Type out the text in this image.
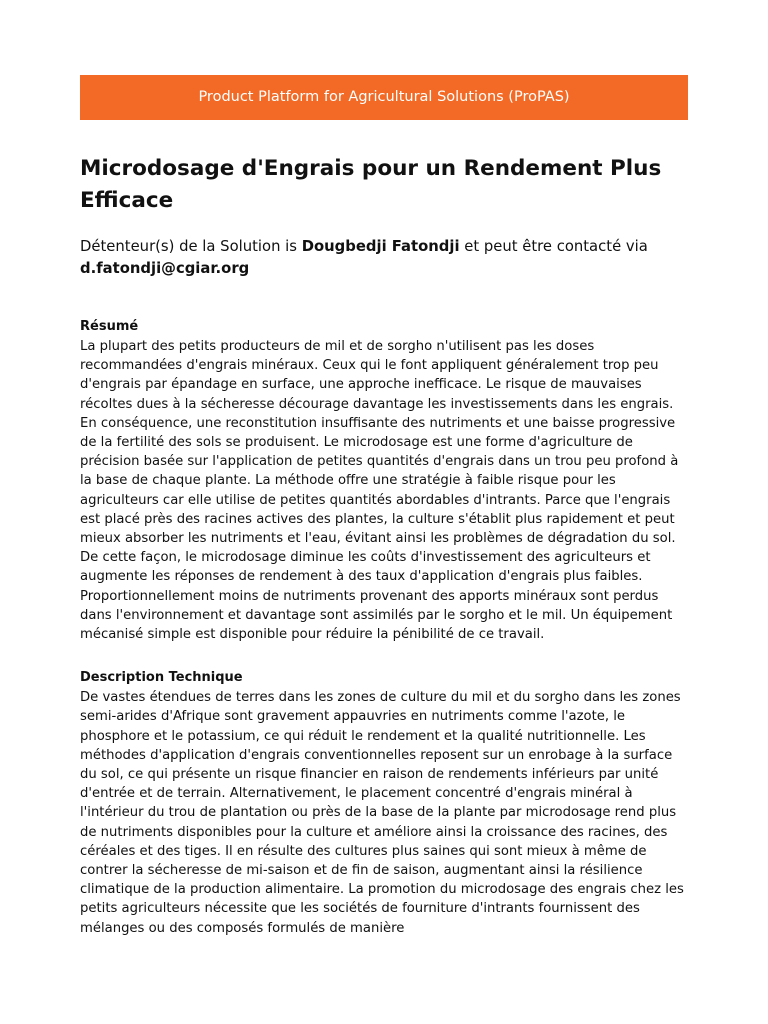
Product Platform for Agricultural Solutions (ProPAS)
Microdosage d'Engrais pour un Rendement Plus Efficace

Détenteur(s) de la Solution is Dougbedji Fatondji et peut être contacté via d.fatondji@cgiar.org

Résumé

La plupart des petits producteurs de mil et de sorgho n'utilisent pas les doses recommandées d'engrais minéraux. Ceux qui le font appliquent généralement trop peu d'engrais par épandage en surface, une approche inefficace. Le risque de mauvaises récoltes dues à la sécheresse décourage davantage les investissements dans les engrais. En conséquence, une reconstitution insuffisante des nutriments et une baisse progressive de la fertilité des sols se produisent. Le microdosage est une forme d'agriculture de précision basée sur l'application de petites quantités d'engrais dans un trou peu profond à la base de chaque plante. La méthode offre une stratégie à faible risque pour les agriculteurs car elle utilise de petites quantités abordables d'intrants. Parce que l'engrais est placé près des racines actives des plantes, la culture s'établit plus rapidement et peut mieux absorber les nutriments et l'eau, évitant ainsi les problèmes de dégradation du sol. De cette façon, le microdosage diminue les coûts d'investissement des agriculteurs et augmente les réponses de rendement à des taux d'application d'engrais plus faibles. Proportionnellement moins de nutriments provenant des apports minéraux sont perdus dans l'environnement et davantage sont assimilés par le sorgho et le mil. Un équipement mécanisé simple est disponible pour réduire la pénibilité de ce travail.

Description Technique

De vastes étendues de terres dans les zones de culture du mil et du sorgho dans les zones semi-arides d'Afrique sont gravement appauvries en nutriments comme l'azote, le phosphore et le potassium, ce qui réduit le rendement et la qualité nutritionnelle. Les méthodes d'application d'engrais conventionnelles reposent sur un enrobage à la surface du sol, ce qui présente un risque financier en raison de rendements inférieurs par unité d'entrée et de terrain. Alternativement, le placement concentré d'engrais minéral à l'intérieur du trou de plantation ou près de la base de la plante par microdosage rend plus de nutriments disponibles pour la culture et améliore ainsi la croissance des racines, des céréales et des tiges. Il en résulte des cultures plus saines qui sont mieux à même de contrer la sécheresse de mi-saison et de fin de saison, augmentant ainsi la résilience climatique de la production alimentaire. La promotion du microdosage des engrais chez les petits agriculteurs nécessite que les sociétés de fourniture d'intrants fournissent des mélanges ou des composés formulés de manière
